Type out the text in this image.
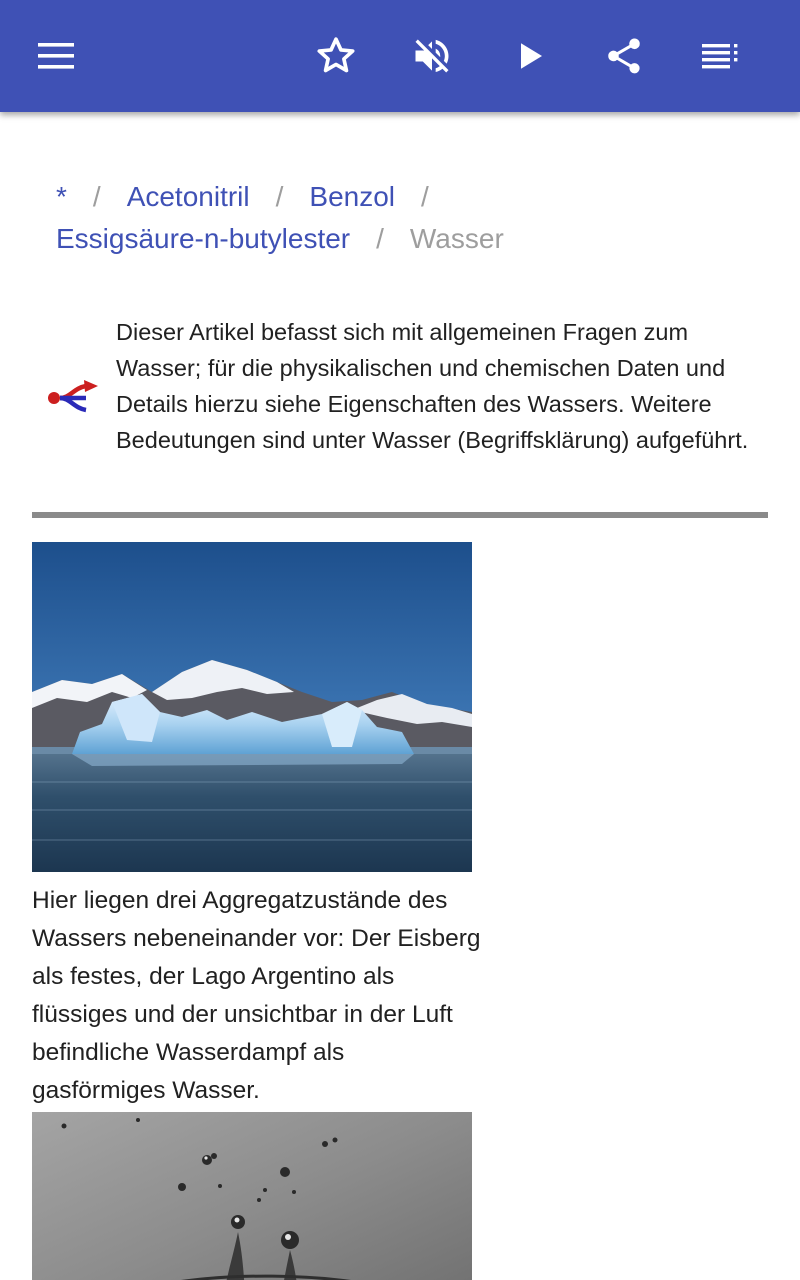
* / Acetonitril / Benzol /
Essigsäure-n-butylester / Wasser
Dieser Artikel befasst sich mit allgemeinen Fragen zum Wasser; für die physikalischen und chemischen Daten und Details hierzu siehe Eigenschaften des Wassers. Weitere Bedeutungen sind unter Wasser (Begriffsklärung) aufgeführt.
Hier liegen drei Aggregatzustände des Wassers nebeneinander vor: Der Eisberg als festes, der Lago Argentino als flüssiges und der unsichtbar in der Luft befindliche Wasserdampf als gasförmiges Wasser.
